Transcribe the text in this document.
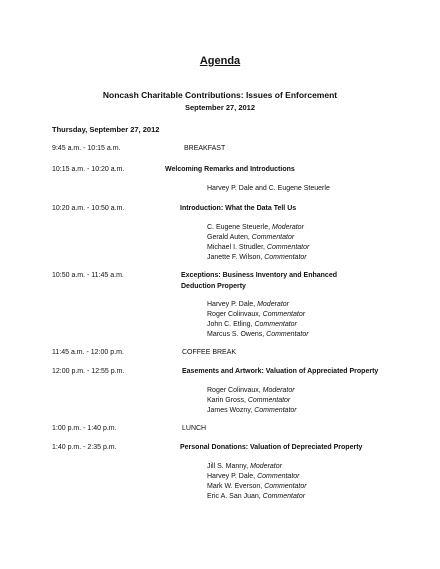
Agenda
Noncash Charitable Contributions: Issues of Enforcement
September 27, 2012
Thursday, September 27, 2012
9:45 a.m. - 10:15 a.m.	BREAKFAST
10:15 a.m. - 10:20 a.m.	Welcoming Remarks and Introductions
Harvey P. Dale and C. Eugene Steuerle
10:20 a.m. - 10:50 a.m.	Introduction: What the Data Tell Us
C. Eugene Steuerle, Moderator
Gerald Auten, Commentator
Michael I. Strudler, Commentator
Janette F. Wilson, Commentator
10:50 a.m. - 11:45 a.m.	Exceptions: Business Inventory and Enhanced Deduction Property
Harvey P. Dale, Moderator
Roger Colinvaux, Commentator
John C. Etling, Commentator
Marcus S. Owens, Commentator
11:45 a.m. - 12:00 p.m.	COFFEE BREAK
12:00 p.m. - 12:55 p.m.	Easements and Artwork: Valuation of Appreciated Property
Roger Colinvaux, Moderator
Karin Gross, Commentator
James Wozny, Commentator
1:00 p.m. - 1:40 p.m.	LUNCH
1:40 p.m. - 2:35 p.m.	Personal Donations: Valuation of Depreciated Property
Jill S. Manny, Moderator
Harvey P. Dale, Commentator
Mark W. Everson, Commentator
Eric A. San Juan, Commentator
